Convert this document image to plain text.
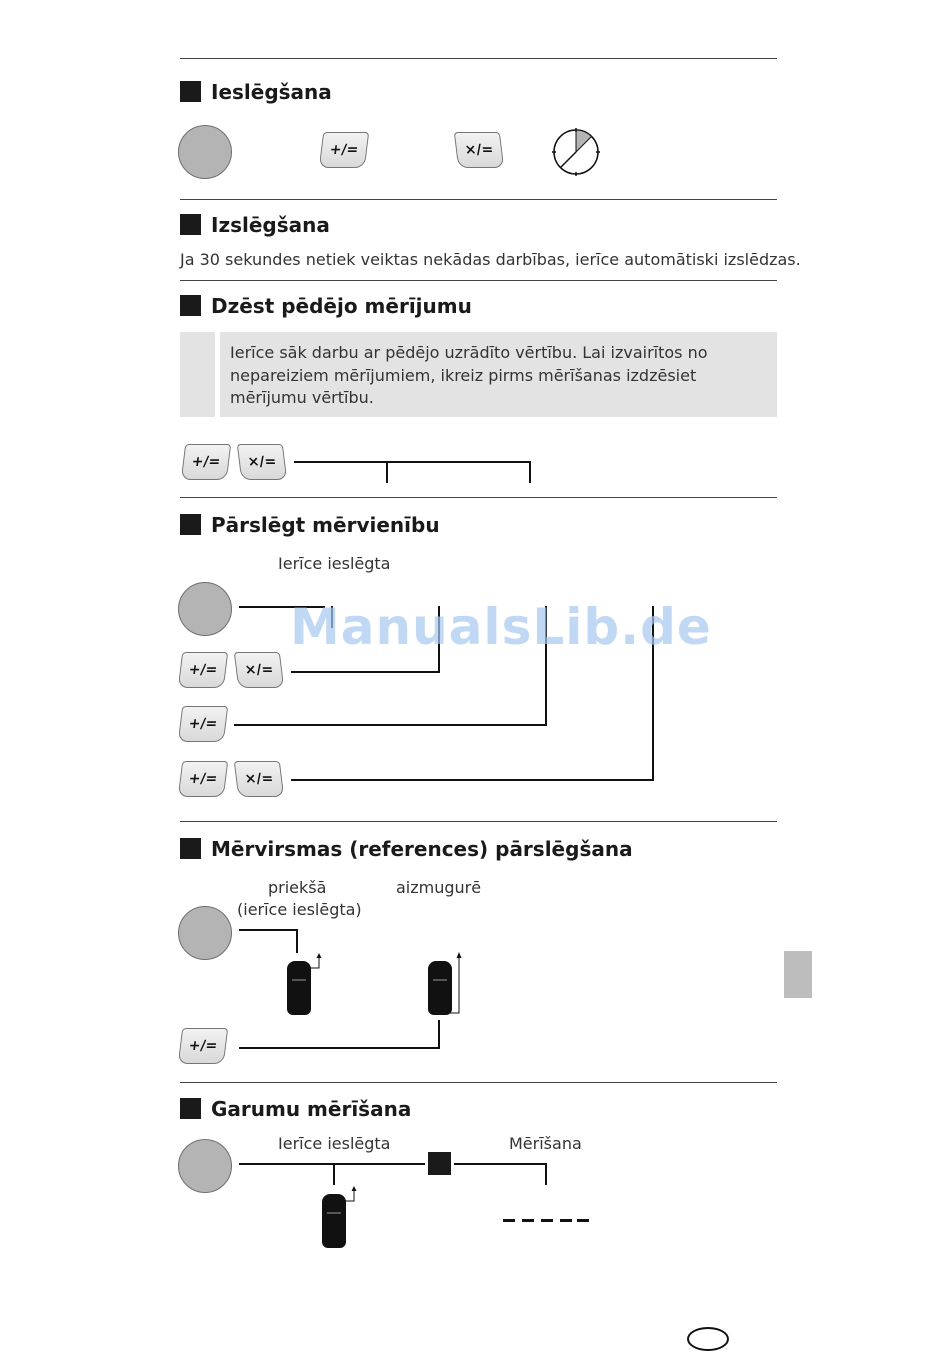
Ieslēgšana
+/=	×/=
Izslēgšana
Ja 30 sekundes netiek veiktas nekādas darbības, ierīce automātiski izslēdzas.
Dzēst pēdējo mērījumu
Ierīce sāk darbu ar pēdējo uzrādīto vērtību. Lai izvairītos no nepareiziem mērījumiem, ikreiz pirms mērīšanas izdzēsiet mērījumu vērtību.
+/=	×/=
Pārslēgt mērvienību
Ierīce ieslēgta
+/=	×/=
+/=
+/=	×/=
ManualsLib.de
Mērvirsmas (references) pārslēgšana
priekšā
(ierīce ieslēgta)
aizmugurē
+/=
Garumu mērīšana
Ierīce ieslēgta	Mērīšana
